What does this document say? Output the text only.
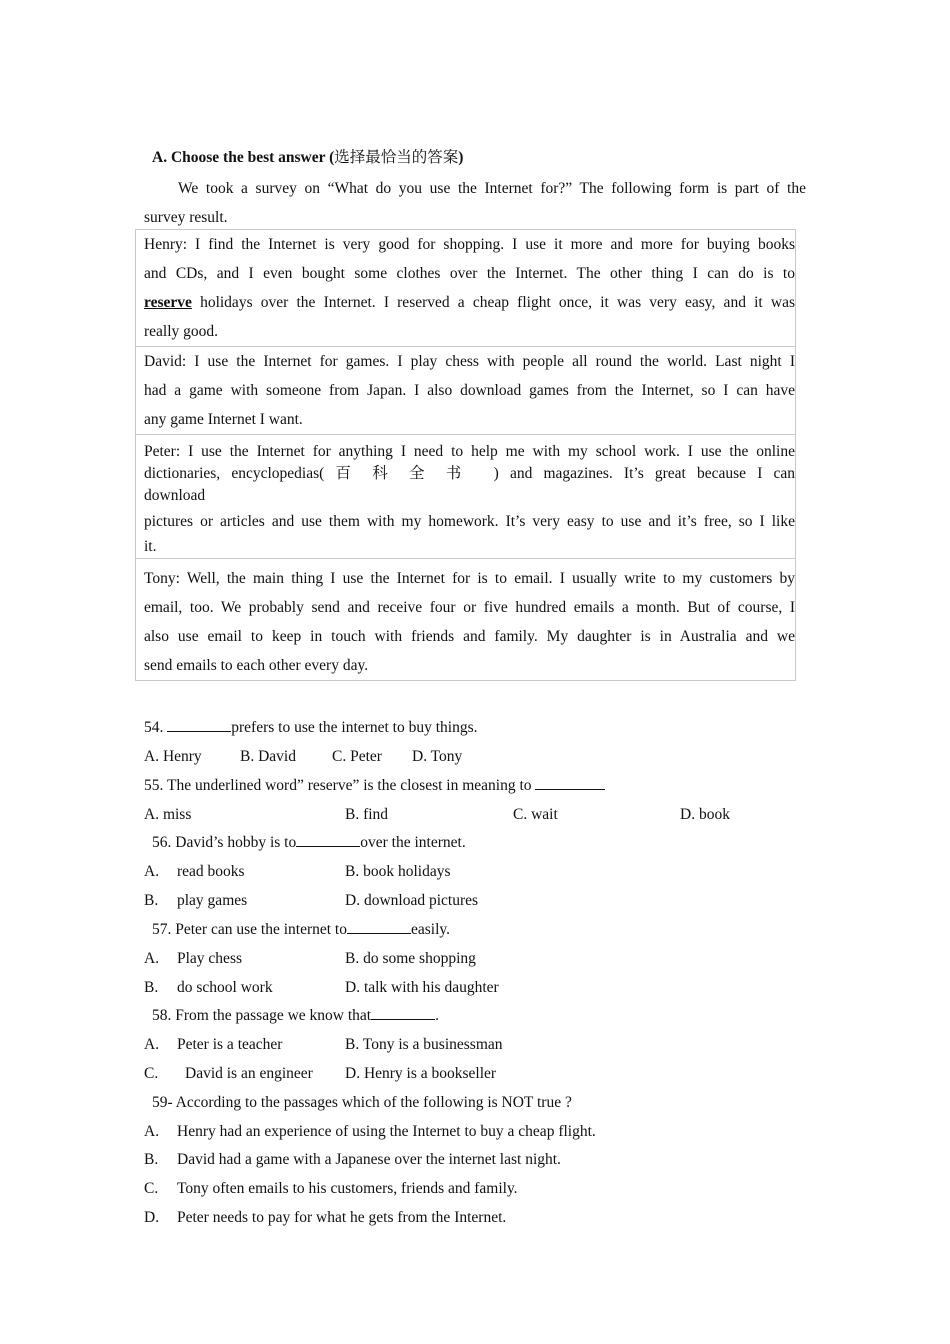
A. Choose the best answer (选择最恰当的答案)
We took a survey on “What do you use the Internet for?” The following form is part of the
survey result.
Henry: I find the Internet is very good for shopping. I use it more and more for buying books
and CDs, and I even bought some clothes over the Internet. The other thing I can do is to
reserve holidays over the Internet. I reserved a cheap flight once, it was very easy, and it was
really good.
David: I use the Internet for games. I play chess with people all round the world. Last night I
had a game with someone from Japan. I also download games from the Internet, so I can have
any game Internet I want.
Peter: I use the Internet for anything I need to help me with my school work. I use the online
dictionaries, encyclopedias( 百科全书 ) and magazines. It’s great because I can
download
pictures or articles and use them with my homework. It’s very easy to use and it’s free, so I like
it.
Tony: Well, the main thing I use the Internet for is to email. I usually write to my customers by
email, too. We probably send and receive four or five hundred emails a month. But of course, I
also use email to keep in touch with friends and family. My daughter is in Australia and we
send emails to each other every day.
54.	prefers to use the internet to buy things.
A. Henry B. David C. Peter D. Tony
55. The underlined word” reserve” is the closest in meaning to
A. miss	B. find	C. wait	D. book
56. David’s hobby is to	over the internet.
A. read books	B. book holidays
B. play games	D. download pictures
57. Peter can use the internet to	easily.
A. Play chess	B. do some shopping
B. do school work	D. talk with his daughter
58. From the passage we know that	.
A. Peter is a teacher	B. Tony is a businessman
C. David is an engineer D. Henry is a bookseller
59- According to the passages which of the following is NOT true ?
A. Henry had an experience of using the Internet to buy a cheap flight.
B. David had a game with a Japanese over the internet last night.
C. Tony often emails to his customers, friends and family.
D. Peter needs to pay for what he gets from the Internet.
